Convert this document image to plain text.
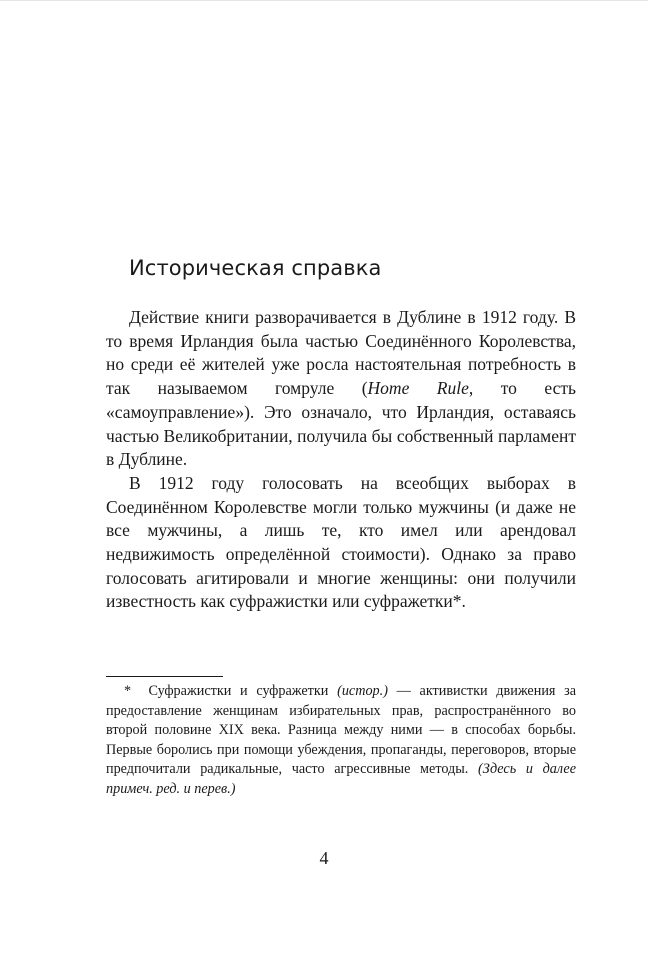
Историческая справка

Действие книги разворачивается в Дублине в 1912 году. В то время Ирландия была частью Соединённого Королевства, но среди её жителей уже росла настоятельная потребность в так называемом гомруле (Home Rule, то есть «самоуправление»). Это означало, что Ирландия, оставаясь частью Великобритании, получила бы собственный парламент в Дублине.

В 1912 году голосовать на всеобщих выборах в Соединённом Королевстве могли только мужчины (и даже не все мужчины, а лишь те, кто имел или арендовал недвижимость определённой стоимости). Однако за право голосовать агитировали и многие женщины: они получили известность как суфражистки или суфражетки*.

* Суфражистки и суфражетки (истор.) — активистки движения за предоставление женщинам избирательных прав, распространённого во второй половине XIX века. Разница между ними — в способах борьбы. Первые боролись при помощи убеждения, пропаганды, переговоров, вторые предпочитали радикальные, часто агрессивные методы. (Здесь и далее примеч. ред. и перев.)

4
